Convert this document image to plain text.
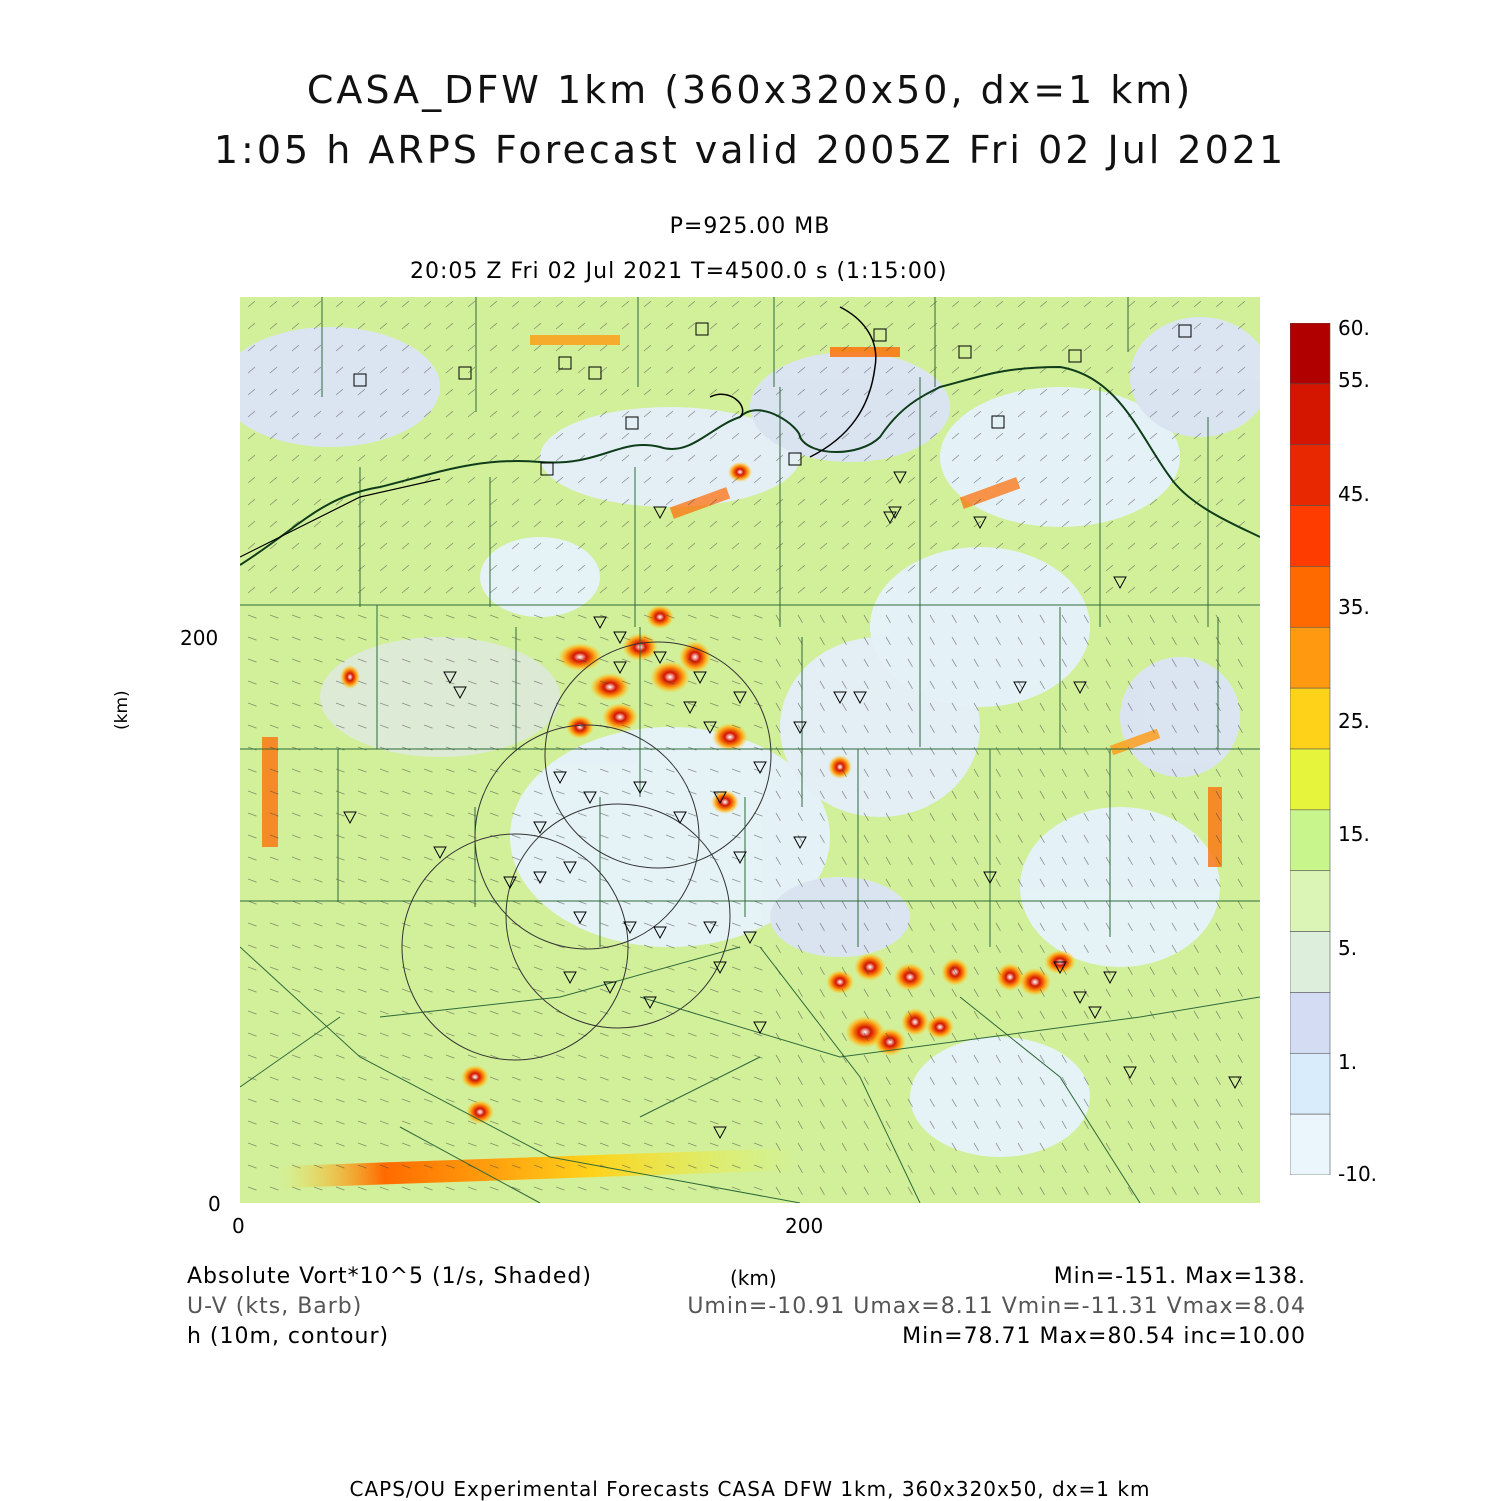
CASA_DFW 1km (360x320x50, dx=1 km)
1:05 h ARPS Forecast valid 2005Z Fri 02 Jul 2021
P=925.00 MB
20:05 Z Fri 02 Jul 2021 T=4500.0 s (1:15:00)
(km)
200
0
0	200
(km)
60.
55.
45.
35.
25.
15.
5.
1.
-10.
Absolute Vort*10^5 (1/s, Shaded)	Min=-151. Max=138.
U-V (kts, Barb)	Umin=-10.91 Umax=8.11 Vmin=-11.31 Vmax=8.04
h (10m, contour)	Min=78.71 Max=80.54 inc=10.00
CAPS/OU Experimental Forecasts CASA DFW 1km, 360x320x50, dx=1 km
